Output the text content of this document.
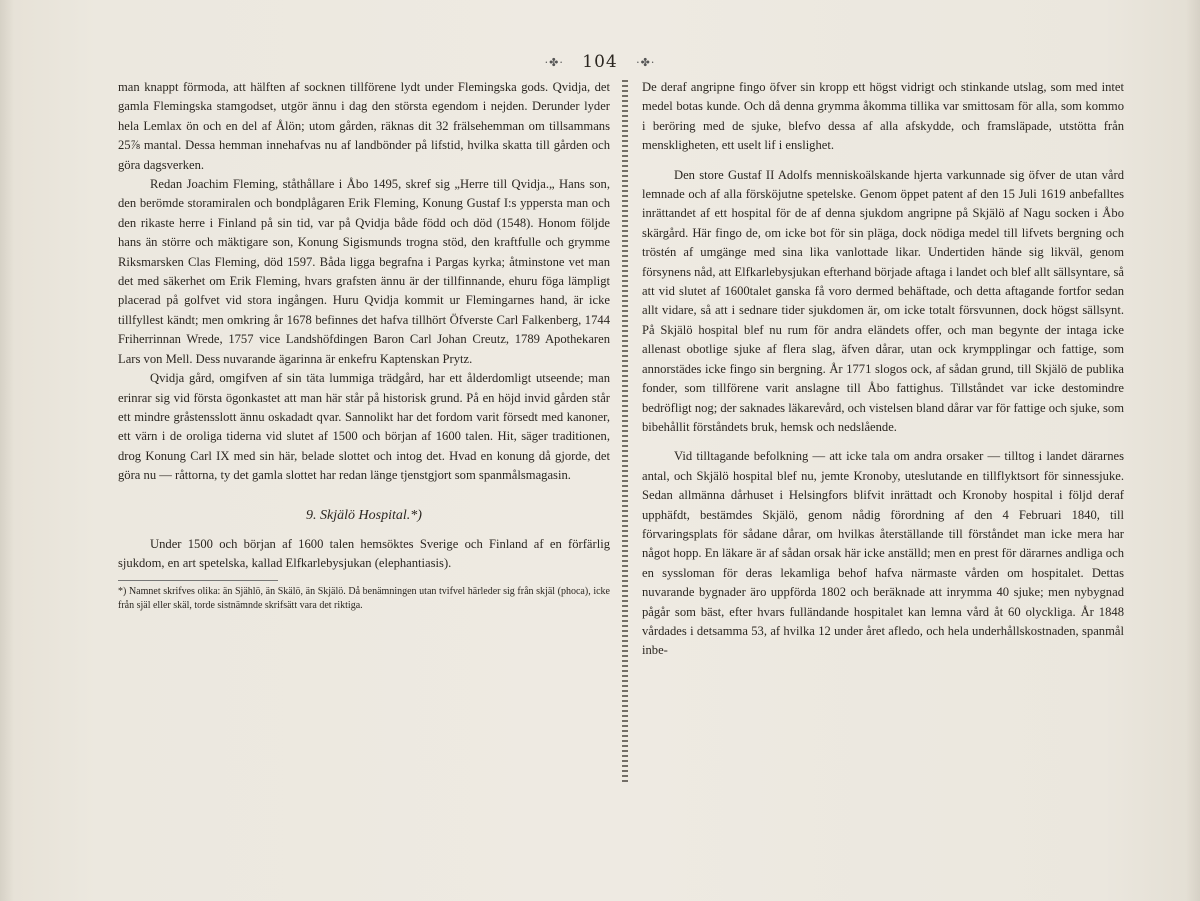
·✤· 104 ·✤·

man knappt förmoda, att hälften af socknen tillförene lydt under Flemingska gods. Qvidja, det gamla Flemingska stamgodset, utgör ännu i dag den största egendom i nejden. Derunder lyder hela Lemlax ön och en del af Ålön; utom gården, räknas dit 32 frälsehemman om tillsammans 25⅞ mantal. Dessa hemman innehafvas nu af landbönder på lifstid, hvilka skatta till gården och göra dagsverken.

Redan Joachim Fleming, ståthållare i Åbo 1495, skref sig „Herre till Qvidja.„ Hans son, den berömde storamiralen och bondplågaren Erik Fleming, Konung Gustaf I:s yppersta man och den rikaste herre i Finland på sin tid, var på Qvidja både född och död (1548). Honom följde hans än större och mäktigare son, Konung Sigismunds trogna stöd, den kraftfulle och grymme Riksmarsken Clas Fleming, död 1597. Båda ligga begrafna i Pargas kyrka; åtminstone vet man det med säkerhet om Erik Fleming, hvars grafsten ännu är der tillfinnande, ehuru föga lämpligt placerad på golfvet vid stora ingången. Huru Qvidja kommit ur Flemingarnes hand, är icke tillfyllest kändt; men omkring år 1678 befinnes det hafva tillhört Öfverste Carl Falkenberg, 1744 Friherrinnan Wrede, 1757 vice Landshöfdingen Baron Carl Johan Creutz, 1789 Apothekaren Lars von Mell. Dess nuvarande ägarinna är enkefru Kaptenskan Prytz.

Qvidja gård, omgifven af sin täta lummiga trädgård, har ett ålderdomligt utseende; man erinrar sig vid första ögonkastet att man här står på historisk grund. På en höjd invid gården står ett mindre gråstensslott ännu oskadadt qvar. Sannolikt har det fordom varit försedt med kanoner, ett värn i de oroliga tiderna vid slutet af 1500 och början af 1600 talen. Hit, säger traditionen, drog Konung Carl IX med sin här, belade slottet och intog det. Hvad en konung då gjorde, det göra nu — råttorna, ty det gamla slottet har redan länge tjenstgjort som spanmålsmagasin.

9. Skjälö Hospital.*)

Under 1500 och början af 1600 talen hemsöktes Sverige och Finland af en förfärlig sjukdom, en art spetelska, kallad Elfkarlebysjukan (elephantiasis).

*) Namnet skrifves olika: än Sjählö, än Skälö, än Skjälö. Då benämningen utan tvifvel härleder sig från skjäl (phoca), icke från själ eller skäl, torde sistnämnde skrifsätt vara det riktiga.

De deraf angripne fingo öfver sin kropp ett högst vidrigt och stinkande utslag, som med intet medel botas kunde. Och då denna grymma åkomma tillika var smittosam för alla, som kommo i beröring med de sjuke, blefvo dessa af alla afskydde, och framsläpade, utstötta från menskligheten, ett uselt lif i enslighet.

Den store Gustaf II Adolfs menniskoälskande hjerta varkunnade sig öfver de utan vård lemnade och af alla försköjutne spetelske. Genom öppet patent af den 15 Juli 1619 anbefalltes inrättandet af ett hospital för de af denna sjukdom angripne på Skjälö af Nagu socken i Åbo skärgård. Här fingo de, om icke bot för sin pläga, dock nödiga medel till lifvets bergning och tröstén af umgänge med sina lika vanlottade likar. Undertiden hände sig likväl, genom försynens nåd, att Elfkarlebysjukan efterhand började aftaga i landet och blef allt sällsyntare, så att vid slutet af 1600talet ganska få voro dermed behäftade, och detta aftagande fortfor sedan allt vidare, så att i sednare tider sjukdomen är, om icke totalt försvunnen, dock högst sällsynt. På Skjälö hospital blef nu rum för andra eländets offer, och man begynte der intaga icke allenast obotlige sjuke af flera slag, äfven dårar, utan ock krympplingar och fattige, som annorstädes icke fingo sin bergning. År 1771 slogos ock, af sådan grund, till Skjälö de publika fonder, som tillförene varit anslagne till Åbo fattighus. Tillståndet var icke destomindre bedröfligt nog; der saknades läkarevård, och vistelsen bland dårar var för fattige och sjuke, som bibehållit förståndets bruk, hemsk och nedslående.

Vid tilltagande befolkning — att icke tala om andra orsaker — tilltog i landet därarnes antal, och Skjälö hospital blef nu, jemte Kronoby, uteslutande en tillflyktsort för sinnessjuke. Sedan allmänna dårhuset i Helsingfors blifvit inrättadt och Kronoby hospital i följd deraf upphäfdt, bestämdes Skjälö, genom nådig förordning af den 4 Februari 1840, till förvaringsplats för sådane dårar, om hvilkas återställande till förståndet man icke mera har något hopp. En läkare är af sådan orsak här icke anställd; men en prest för därarnes andliga och en syssloman för deras lekamliga behof hafva närmaste vården om hospitalet. Dettas nuvarande bygnader äro uppförda 1802 och beräknade att inrymma 40 sjuke; men nybygnad pågår som bäst, efter hvars fulländande hospitalet kan lemna vård åt 60 olyckliga. År 1848 vårdades i detsamma 53, af hvilka 12 under året afledo, och hela underhållskostnaden, spanmål inbe-
